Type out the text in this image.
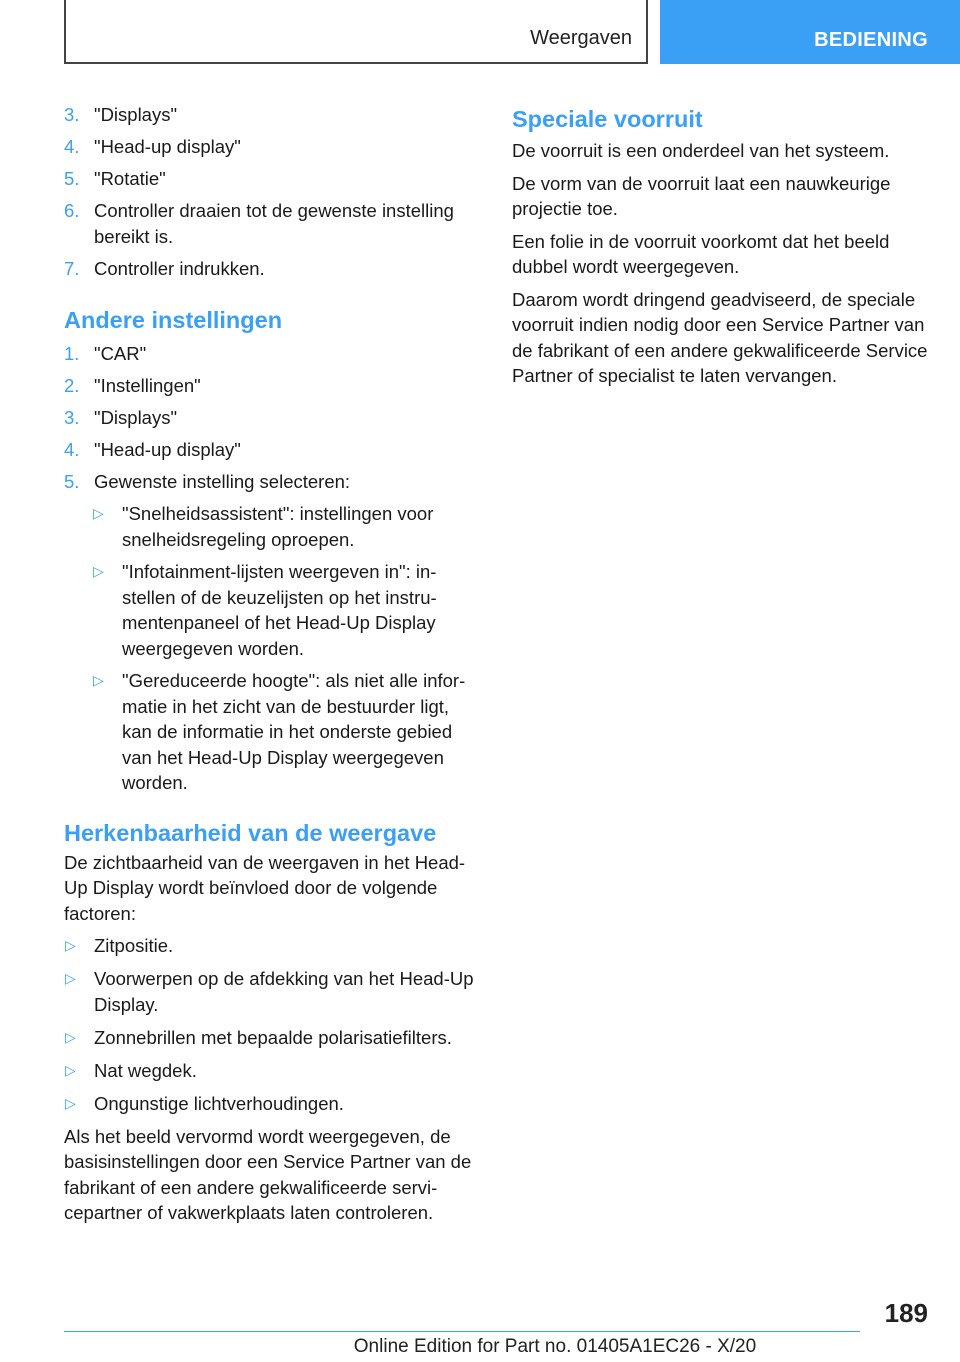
Weergaven	BEDIENING
3. "Displays"
4. "Head-up display"
5. "Rotatie"
6. Controller draaien tot de gewenste instelling bereikt is.
7. Controller indrukken.
Andere instellingen
1. "CAR"
2. "Instellingen"
3. "Displays"
4. "Head-up display"
5. Gewenste instelling selecteren:
▷ "Snelheidsassistent": instellingen voor snelheidsregeling oproepen.
▷ "Infotainment-lijsten weergeven in": instellen of de keuzelijsten op het instrumentenpaneel of het Head-Up Display weergegeven worden.
▷ "Gereduceerde hoogte": als niet alle informatie in het zicht van de bestuurder ligt, kan de informatie in het onderste gebied van het Head-Up Display weergegeven worden.
Herkenbaarheid van de weergave

De zichtbaarheid van de weergaven in het Head-Up Display wordt beïnvloed door de volgende factoren:

▷ Zitpositie.
▷ Voorwerpen op de afdekking van het Head-Up Display.
▷ Zonnebrillen met bepaalde polarisatiefilters.
▷ Nat wegdek.
▷ Ongunstige lichtverhoudingen.

Als het beeld vervormd wordt weergegeven, de basisinstellingen door een Service Partner van de fabrikant of een andere gekwalificeerde servicepartner of vakwerkplaats laten controleren.

Speciale voorruit

De voorruit is een onderdeel van het systeem.

De vorm van de voorruit laat een nauwkeurige projectie toe.

Een folie in de voorruit voorkomt dat het beeld dubbel wordt weergegeven.

Daarom wordt dringend geadviseerd, de speciale voorruit indien nodig door een Service Partner van de fabrikant of een andere gekwalificeerde Service Partner of specialist te laten vervangen.

189
Online Edition for Part no. 01405A1EC26 - X/20
